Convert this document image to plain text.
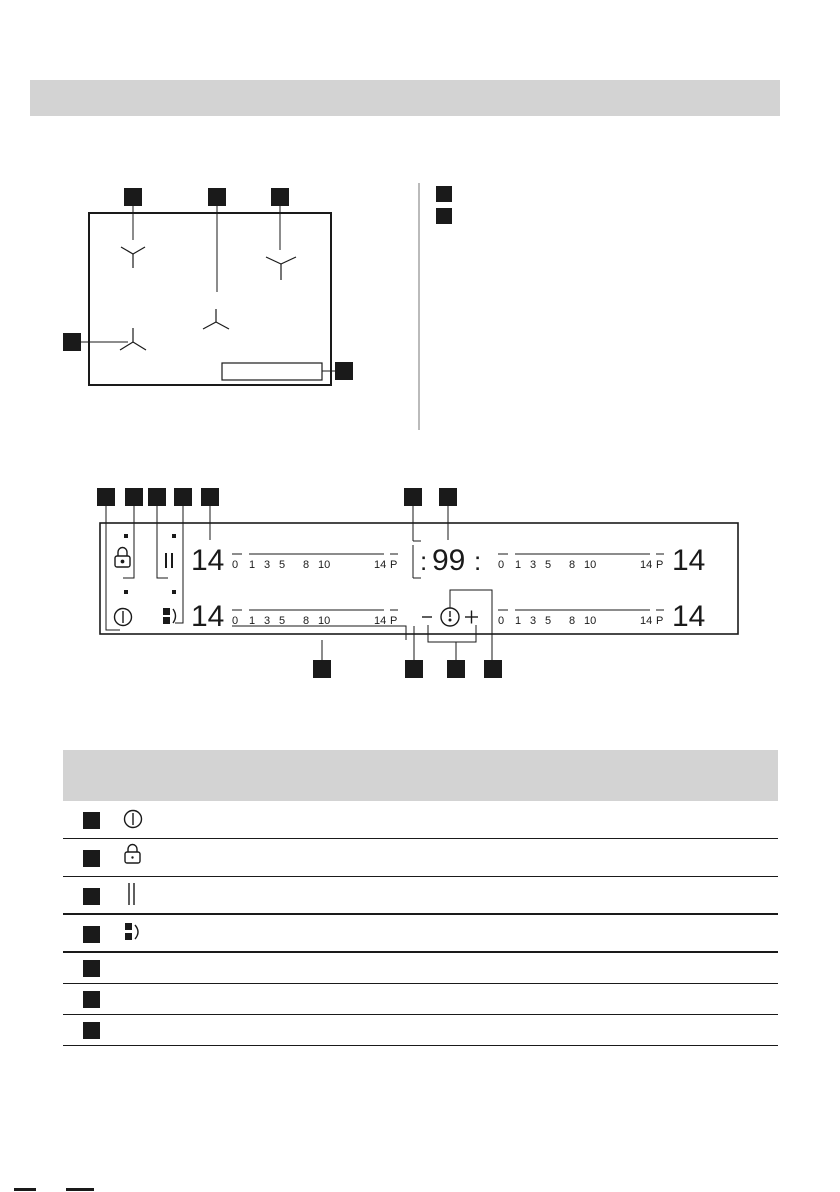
0 1 3 5 8 10	14 P
0 1 3 5 8 10	14 P
0 1 3 5 8 10	14 P
0 1 3 5 8 10	14 P
14
14
14
14
: 99 :
